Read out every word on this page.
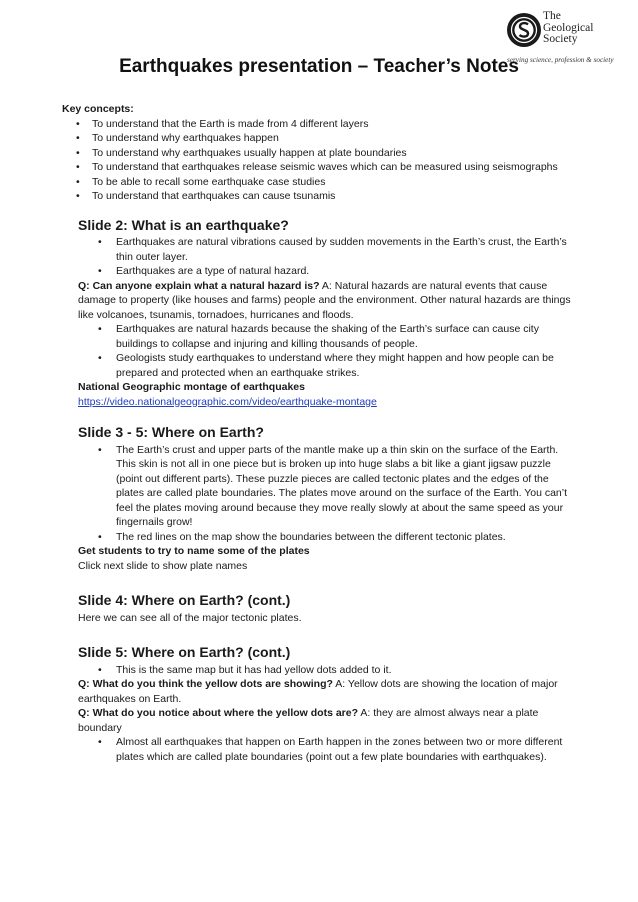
The
Geological
Society
serving science, profession & society
Earthquakes presentation – Teacher’s Notes

Key concepts:

• To understand that the Earth is made from 4 different layers
• To understand why earthquakes happen
• To understand why earthquakes usually happen at plate boundaries
• To understand that earthquakes release seismic waves which can be measured using seismographs
• To be able to recall some earthquake case studies
• To understand that earthquakes can cause tsunamis
Slide 2: What is an earthquake?
• Earthquakes are natural vibrations caused by sudden movements in the Earth’s crust, the Earth’s thin outer layer.
• Earthquakes are a type of natural hazard.

Q: Can anyone explain what a natural hazard is? A: Natural hazards are natural events that cause damage to property (like houses and farms) people and the environment. Other natural hazards are things like volcanoes, tsunamis, tornadoes, hurricanes and floods.

• Earthquakes are natural hazards because the shaking of the Earth’s surface can cause city buildings to collapse and injuring and killing thousands of people.
• Geologists study earthquakes to understand where they might happen and how people can be prepared and protected when an earthquake strikes.

National Geographic montage of earthquakes

https://video.nationalgeographic.com/video/earthquake-montage

Slide 3 - 5: Where on Earth?
• The Earth’s crust and upper parts of the mantle make up a thin skin on the surface of the Earth. This skin is not all in one piece but is broken up into huge slabs a bit like a giant jigsaw puzzle (point out different parts). These puzzle pieces are called tectonic plates and the edges of the plates are called plate boundaries. The plates move around on the surface of the Earth. You can’t feel the plates moving around because they move really slowly at about the same speed as your fingernails grow!
• The red lines on the map show the boundaries between the different tectonic plates.

Get students to try to name some of the plates

Click next slide to show plate names

Slide 4: Where on Earth? (cont.)

Here we can see all of the major tectonic plates.

Slide 5: Where on Earth? (cont.)
• This is the same map but it has had yellow dots added to it.

Q: What do you think the yellow dots are showing? A: Yellow dots are showing the location of major earthquakes on Earth.

Q: What do you notice about where the yellow dots are? A: they are almost always near a plate boundary

• Almost all earthquakes that happen on Earth happen in the zones between two or more different plates which are called plate boundaries (point out a few plate boundaries with earthquakes).
